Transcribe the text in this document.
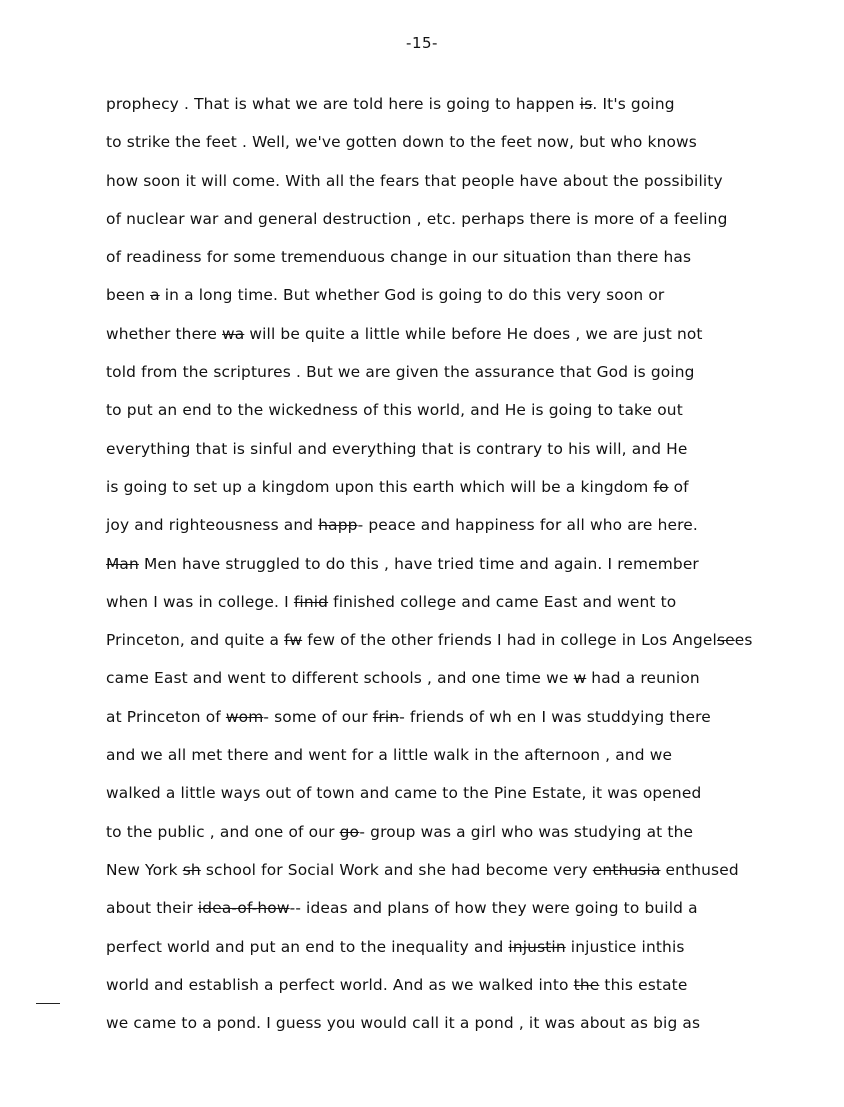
-15-
prophecy . That is what we are told here is going to happen is. It's going
to strike the feet . Well, we've gotten down to the feet now, but who knows
how soon it will come. With all the fears that people have about the possibility
of nuclear war and general destruction , etc. perhaps there is more of a feeling
of readiness for some tremenduous change in our situation than there has
been a in a long time. But whether God is going to do this very soon or
whether there wa will be quite a little while before He does , we are just not
told from the scriptures . But we are given the assurance that God is going
to put an end to the wickedness of this world, and He is going to take out
everything that is sinful and everything that is contrary to his will, and He
is going to set up a kingdom upon this earth which will be a kingdom fo of
joy and righteousness and happ- peace and happiness for all who are here.
Man Men have struggled to do this , have tried time and again. I remember
when I was in college. I finid finished college and came East and went to
Princeton, and quite a fw few of the other friends I had in college in Los Angelsees
came East and went to different schools , and one time we w had a reunion
at Princeton of wom- some of our frin- friends of wh en I was studdying there
and we all met there and went for a little walk in the afternoon , and we
walked a little ways out of town and came to the Pine Estate, it was opened
to the public , and one of our go- group was a girl who was studying at the
New York sh school for Social Work and she had become very enthusia enthused
about their idea-of-how-- ideas and plans of how they were going to build a
perfect world and put an end to the inequality and injustin injustice inthis
world and establish a perfect world. And as we walked into the this estate
we came to a pond. I guess you would call it a pond , it was about as big as
